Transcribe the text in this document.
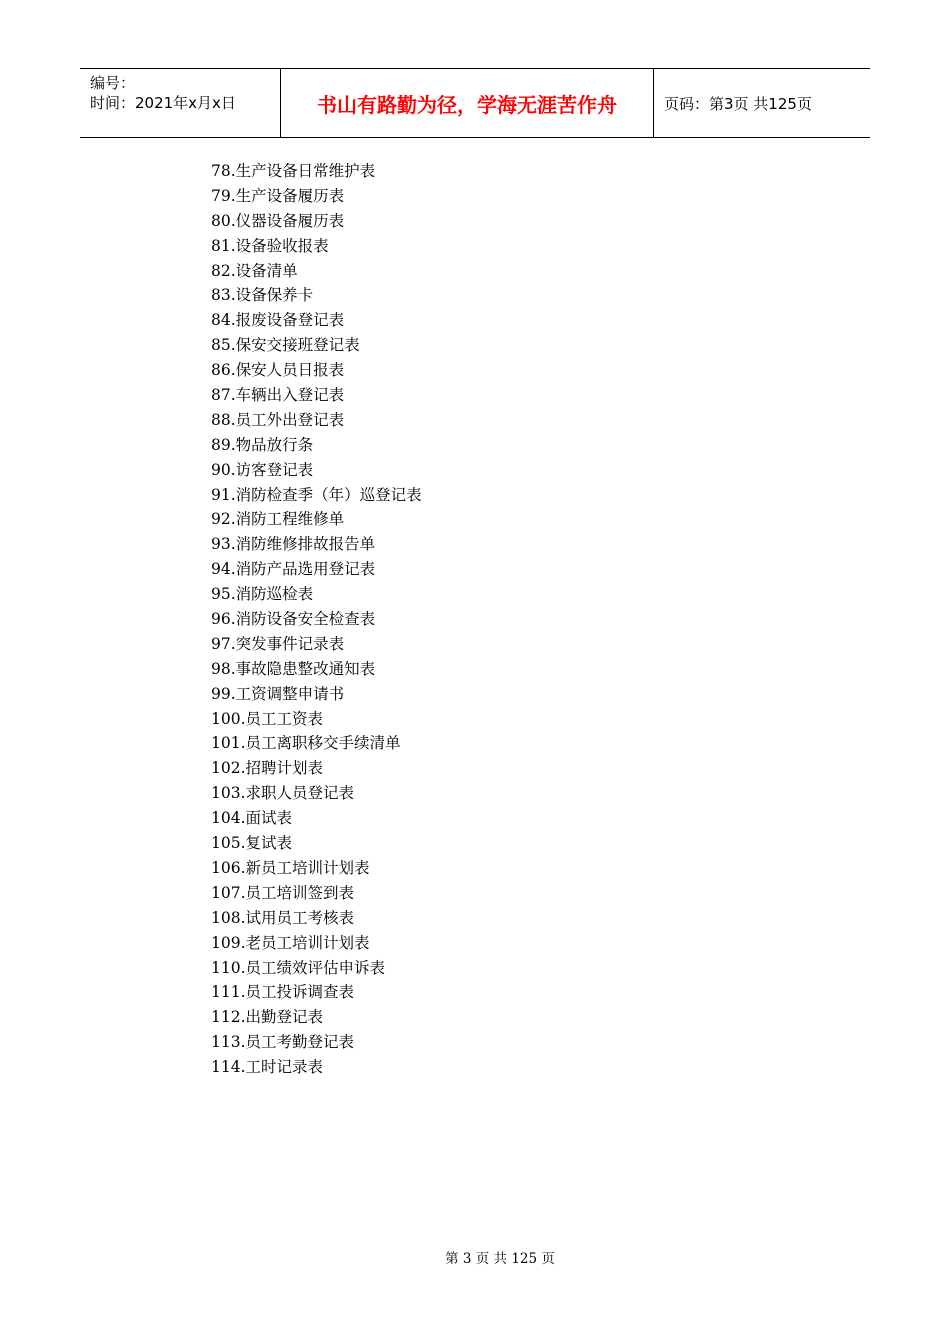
编号：
时间：2021年x月x日	书山有路勤为径，学海无涯苦作舟	页码：第3页 共125页
78.生产设备日常维护表
79.生产设备履历表
80.仪器设备履历表
81.设备验收报表
82.设备清单
83.设备保养卡
84.报废设备登记表
85.保安交接班登记表
86.保安人员日报表
87.车辆出入登记表
88.员工外出登记表
89.物品放行条
90.访客登记表
91.消防检查季（年）巡登记表
92.消防工程维修单
93.消防维修排故报告单
94.消防产品选用登记表
95.消防巡检表
96.消防设备安全检查表
97.突发事件记录表
98.事故隐患整改通知表
99.工资调整申请书
100.员工工资表
101.员工离职移交手续清单
102.招聘计划表
103.求职人员登记表
104.面试表
105.复试表
106.新员工培训计划表
107.员工培训签到表
108.试用员工考核表
109.老员工培训计划表
110.员工绩效评估申诉表
111.员工投诉调查表
112.出勤登记表
113.员工考勤登记表
114.工时记录表
第 3 页 共 125 页
